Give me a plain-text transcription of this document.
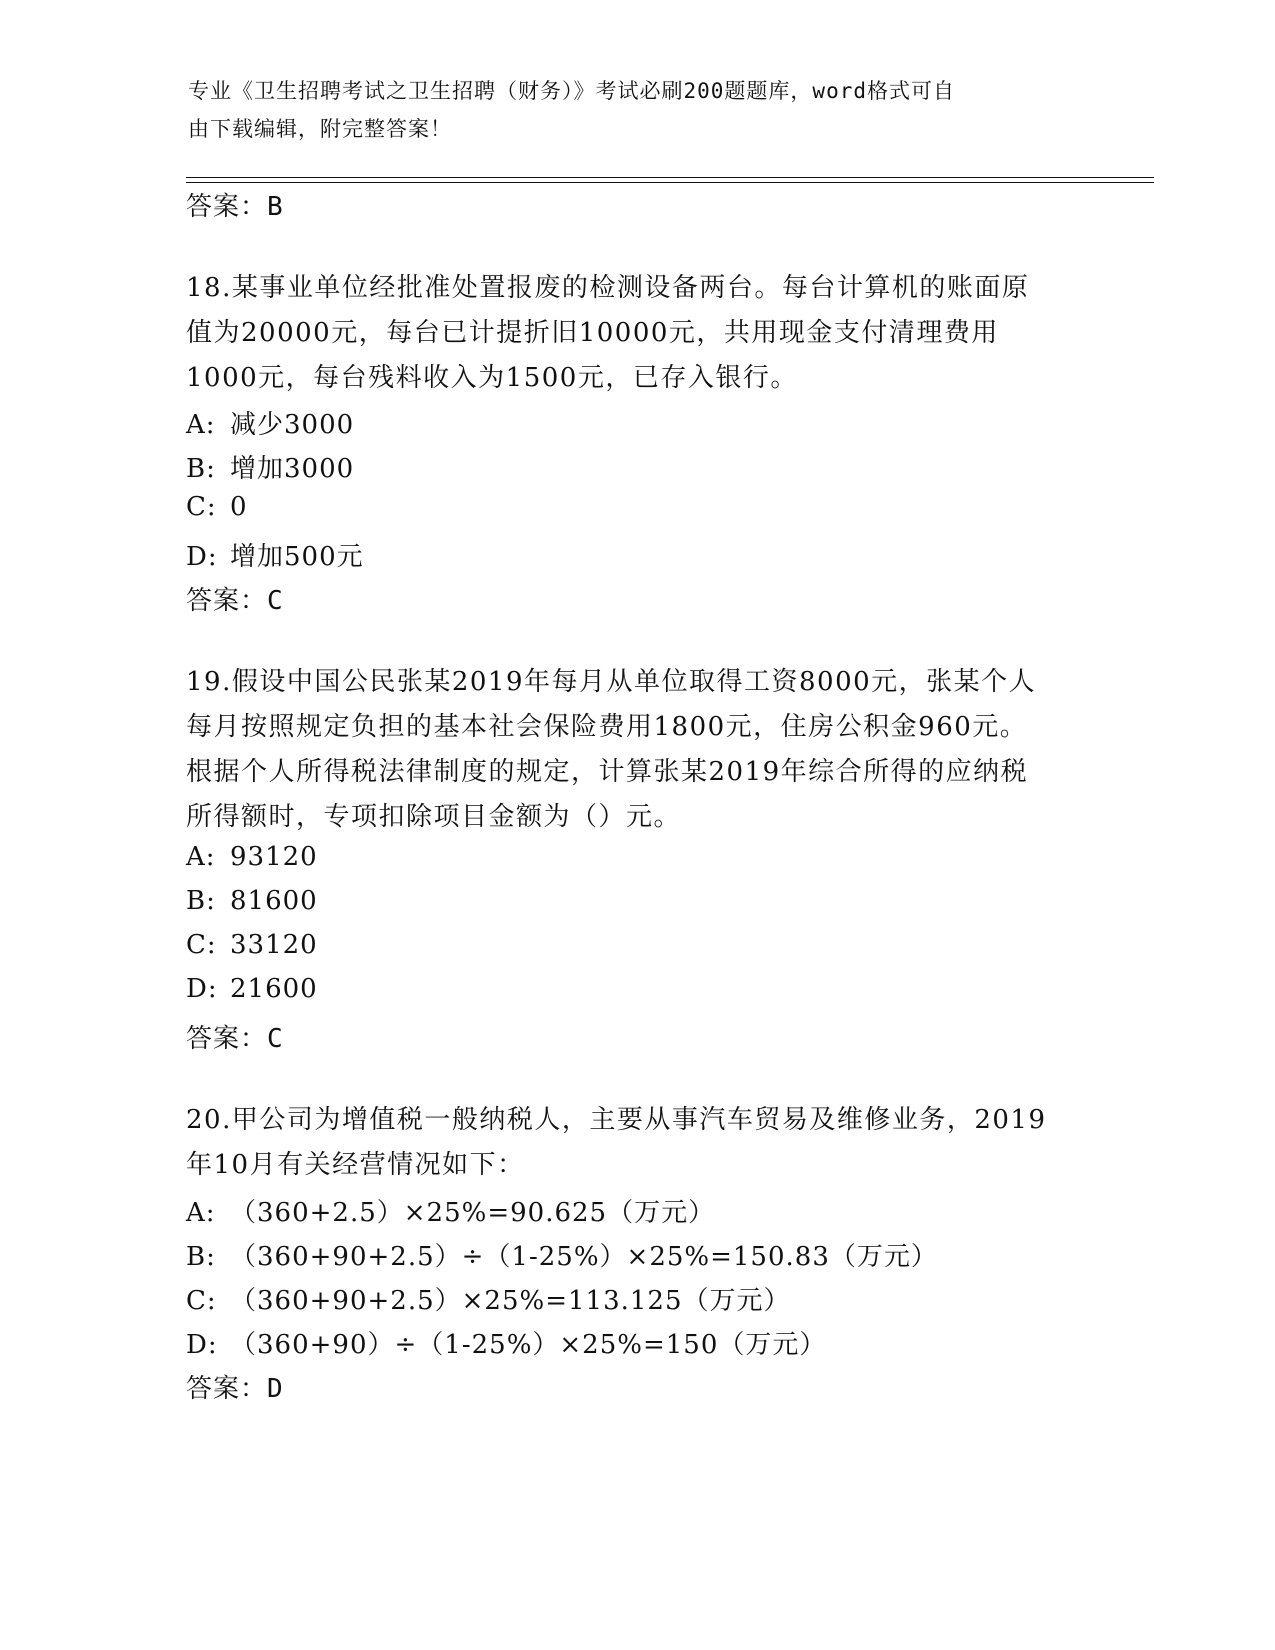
专业《卫生招聘考试之卫生招聘（财务）》考试必刷200题题库，word格式可自
由下载编辑，附完整答案！
答案：B
18.某事业单位经批准处置报废的检测设备两台。每台计算机的账面原
值为20000元，每台已计提折旧10000元，共用现金支付清理费用
1000元，每台残料收入为1500元，已存入银行。
A: 减少3000
B: 增加3000
C: 0
D: 增加500元
答案：C
19.假设中国公民张某2019年每月从单位取得工资8000元，张某个人
每月按照规定负担的基本社会保险费用1800元，住房公积金960元。
根据个人所得税法律制度的规定，计算张某2019年综合所得的应纳税
所得额时，专项扣除项目金额为（）元。
A: 93120
B: 81600
C: 33120
D: 21600
答案：C
20.甲公司为增值税一般纳税人，主要从事汽车贸易及维修业务，2019
年10月有关经营情况如下：
A: （360+2.5）×25%=90.625（万元）
B: （360+90+2.5）÷（1-25%）×25%=150.83（万元）
C: （360+90+2.5）×25%=113.125（万元）
D: （360+90）÷（1-25%）×25%=150（万元）
答案：D
